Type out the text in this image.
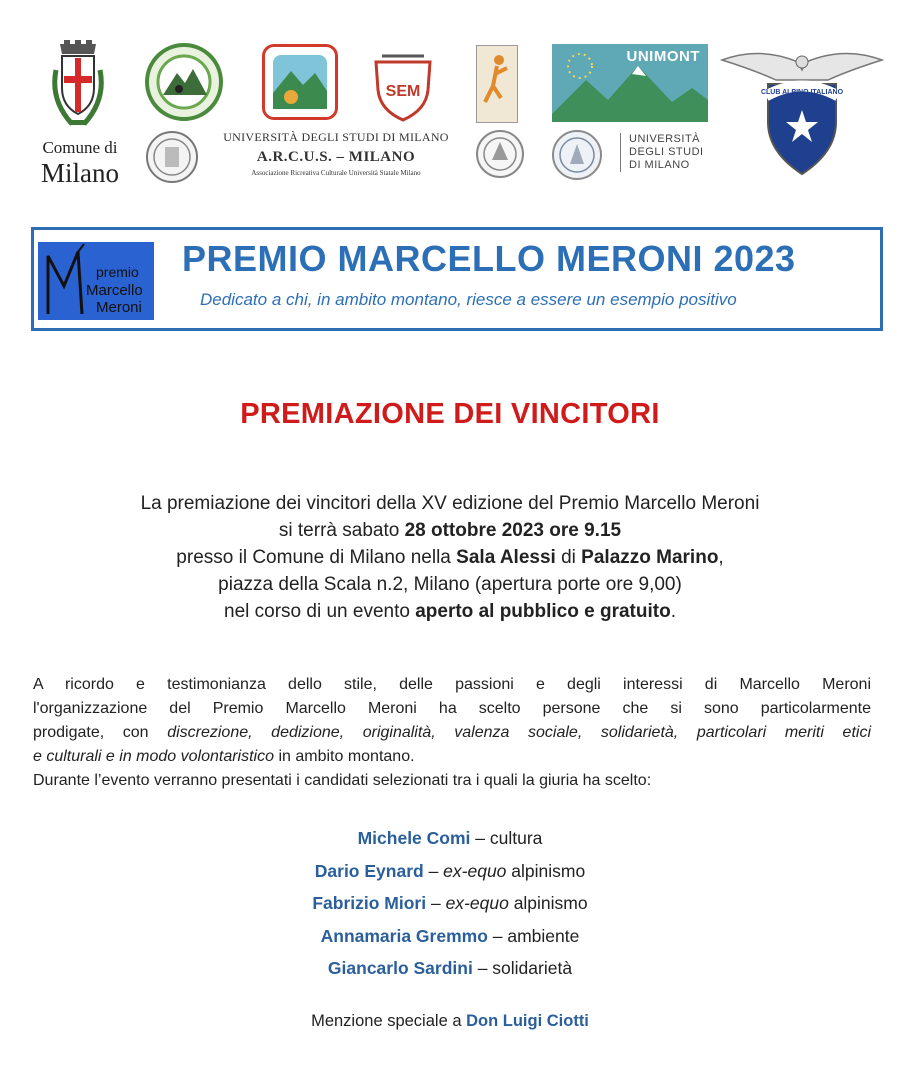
Comune di
Milano
SEM
UNIVERSITÀ DEGLI STUDI DI MILANO
A.R.C.U.S. – MILANO
Associazione Ricreativa Culturale Università Statale Milano
UNIMONT
UNIVERSITÀ
DEGLI STUDI
DI MILANO
CLUB ALPINO ITALIANO
premio
Marcello
Meroni
PREMIO MARCELLO MERONI 2023
Dedicato a chi, in ambito montano, riesce a essere un esempio positivo
PREMIAZIONE DEI VINCITORI
La premiazione dei vincitori della XV edizione del Premio Marcello Meroni
si terrà sabato 28 ottobre 2023 ore 9.15
presso il Comune di Milano nella Sala Alessi di Palazzo Marino,
piazza della Scala n.2, Milano (apertura porte ore 9,00)
nel corso di un evento aperto al pubblico e gratuito.
A ricordo e testimonianza dello stile, delle passioni e degli interessi di Marcello Meroni
l'organizzazione del Premio Marcello Meroni ha scelto persone che si sono particolarmente
prodigate, con discrezione, dedizione, originalità, valenza sociale, solidarietà, particolari meriti etici
e culturali e in modo volontaristico in ambito montano.
Durante l’evento verranno presentati i candidati selezionati tra i quali la giuria ha scelto:
Michele Comi – cultura
Dario Eynard – ex-equo alpinismo
Fabrizio Miori – ex-equo alpinismo
Annamaria Gremmo – ambiente
Giancarlo Sardini – solidarietà
Menzione speciale a Don Luigi Ciotti
